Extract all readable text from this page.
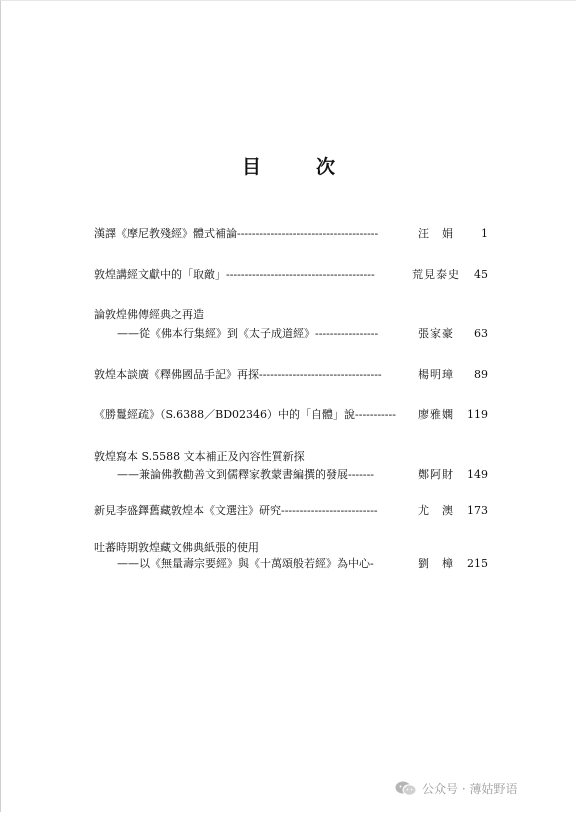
目　次
漢譯《摩尼教殘經》體式補論--------------------------------------	汪　娟	1
敦煌講經文獻中的「取敵」----------------------------------------	荒見泰史	45
論敦煌佛傳經典之再造
——從《佛本行集經》到《太子成道經》-----------------	張家豪	63
敦煌本談廣《釋佛國品手記》再探---------------------------------	楊明璋	89
《勝鬘經疏》（S.6388／BD02346）中的「自體」說-----------	廖雅嫻	119
敦煌寫本 S.5588 文本補正及內容性質新探
——兼論佛教勸善文到儒釋家教蒙書編撰的發展-------	鄭阿財	149
新見李盛鐸舊藏敦煌本《文選注》研究--------------------------	尤　澳	173
吐蕃時期敦煌藏文佛典紙張的使用
——以《無量壽宗要經》與《十萬頌般若經》為中心-	劉　樟	215
公众号 · 薄姑野语
